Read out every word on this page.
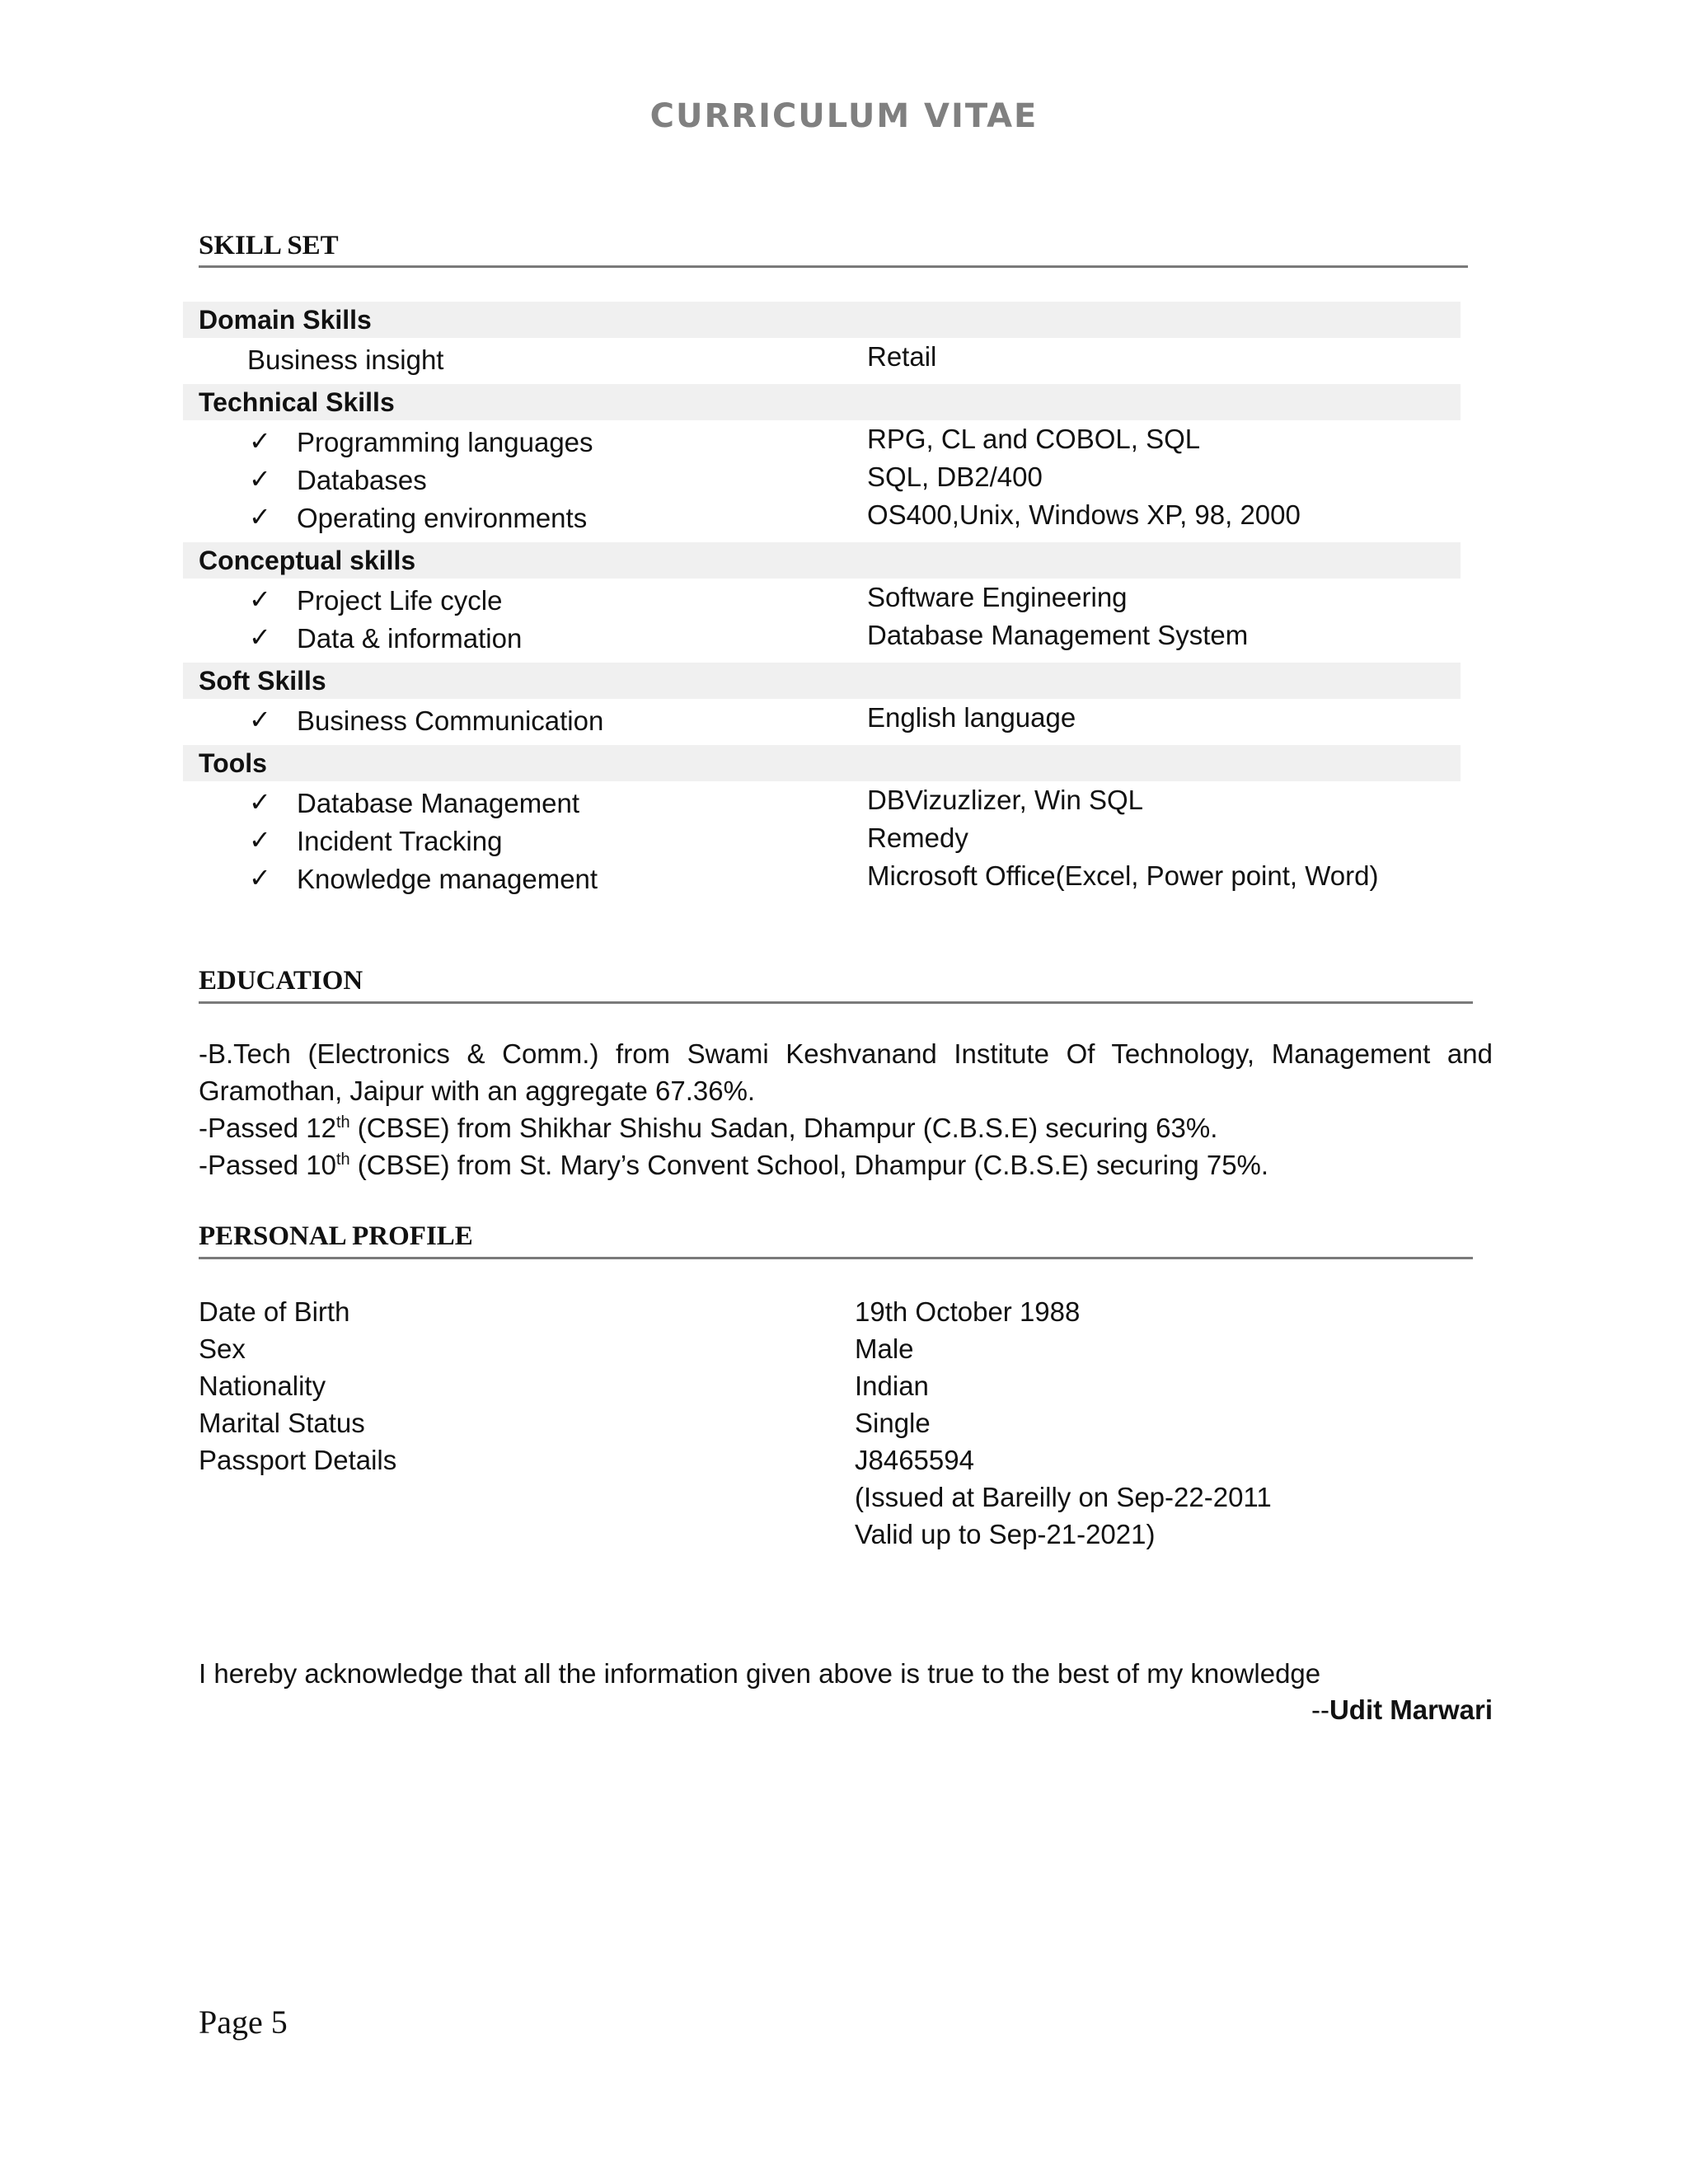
CURRICULUM VITAE
SKILL SET
Domain Skills
Business insight	Retail
Technical Skills
✓ Programming languages	RPG, CL and COBOL, SQL
✓ Databases	SQL, DB2/400
✓ Operating environments	OS400,Unix, Windows XP, 98, 2000
Conceptual skills
✓ Project Life cycle	Software Engineering
✓ Data & information	Database Management System
Soft Skills
✓ Business Communication	English language
Tools
✓ Database Management	DBVizuzlizer, Win SQL
✓ Incident Tracking	Remedy
✓ Knowledge management	Microsoft Office(Excel, Power point, Word)
EDUCATION
-B.Tech (Electronics & Comm.) from Swami Keshvanand Institute Of Technology, Management and
Gramothan, Jaipur with an aggregate 67.36%.
-Passed 12th (CBSE) from Shikhar Shishu Sadan, Dhampur (C.B.S.E) securing 63%.
-Passed 10th (CBSE) from St. Mary’s Convent School, Dhampur (C.B.S.E) securing 75%.
PERSONAL PROFILE
Date of Birth	19th October 1988
Sex	Male
Nationality	Indian
Marital Status	Single
Passport Details	J8465594
(Issued at Bareilly on Sep-22-2011
Valid up to Sep-21-2021)
I hereby acknowledge that all the information given above is true to the best of my knowledge
--Udit Marwari
Page 5
